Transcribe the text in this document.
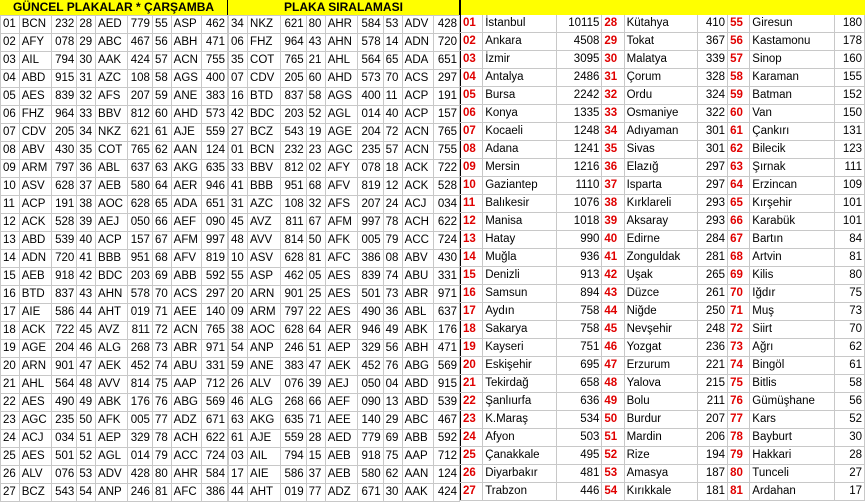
GÜNCEL PLAKALAR * ÇARŞAMBA	PLAKA SIRALAMASI
01	BCN	232	28	AED	779	55	ASP	462
02	AFY	078	29	ABC	467	56	ABH	471
03	AIL	794	30	AAK	424	57	ACN	755
04	ABD	915	31	AZC	108	58	AGS	400
05	AES	839	32	AFS	207	59	ANE	383
06	FHZ	964	33	BBV	812	60	AHD	573
07	CDV	205	34	NKZ	621	61	AJE	559
08	ABV	430	35	COT	765	62	AAN	124
09	ARM	797	36	ABL	637	63	AKG	635
10	ASV	628	37	AEB	580	64	AER	946
11	ACP	191	38	AOC	628	65	ADA	651
12	ACK	528	39	AEJ	050	66	AEF	090
13	ABD	539	40	ACP	157	67	AFM	997
14	ADN	720	41	BBB	951	68	AFV	819
15	AEB	918	42	BDC	203	69	ABB	592
16	BTD	837	43	AHN	578	70	ACS	297
17	AIE	586	44	AHT	019	71	AEE	140
18	ACK	722	45	AVZ	811	72	ACN	765
19	AGE	204	46	ALG	268	73	ABR	971
20	ARN	901	47	AEK	452	74	ABU	331
21	AHL	564	48	AVV	814	75	AAP	712
22	AES	490	49	ABK	176	76	ABG	569
23	AGC	235	50	AFK	005	77	ADZ	671
24	ACJ	034	51	AEP	329	78	ACH	622
25	AES	501	52	AGL	014	79	ACC	724
26	ALV	076	53	ADV	428	80	AHR	584
27	BCZ	543	54	ANP	246	81	AFC	386
34	NKZ	621	80	AHR	584	53	ADV	428
06	FHZ	964	43	AHN	578	14	ADN	720
35	COT	765	21	AHL	564	65	ADA	651
07	CDV	205	60	AHD	573	70	ACS	297
16	BTD	837	58	AGS	400	11	ACP	191
42	BDC	203	52	AGL	014	40	ACP	157
27	BCZ	543	19	AGE	204	72	ACN	765
01	BCN	232	23	AGC	235	57	ACN	755
33	BBV	812	02	AFY	078	18	ACK	722
41	BBB	951	68	AFV	819	12	ACK	528
31	AZC	108	32	AFS	207	24	ACJ	034
45	AVZ	811	67	AFM	997	78	ACH	622
48	AVV	814	50	AFK	005	79	ACC	724
10	ASV	628	81	AFC	386	08	ABV	430
55	ASP	462	05	AES	839	74	ABU	331
20	ARN	901	25	AES	501	73	ABR	971
09	ARM	797	22	AES	490	36	ABL	637
38	AOC	628	64	AER	946	49	ABK	176
54	ANP	246	51	AEP	329	56	ABH	471
59	ANE	383	47	AEK	452	76	ABG	569
26	ALV	076	39	AEJ	050	04	ABD	915
46	ALG	268	66	AEF	090	13	ABD	539
63	AKG	635	71	AEE	140	29	ABC	467
61	AJE	559	28	AED	779	69	ABB	592
03	AIL	794	15	AEB	918	75	AAP	712
17	AIE	586	37	AEB	580	62	AAN	124
44	AHT	019	77	ADZ	671	30	AAK	424
01	İstanbul	10115	28	Kütahya	410	55	Giresun	180
02	Ankara	4508	29	Tokat	367	56	Kastamonu	178
03	İzmir	3095	30	Malatya	339	57	Sinop	160
04	Antalya	2486	31	Çorum	328	58	Karaman	155
05	Bursa	2242	32	Ordu	324	59	Batman	152
06	Konya	1335	33	Osmaniye	322	60	Van	150
07	Kocaeli	1248	34	Adıyaman	301	61	Çankırı	131
08	Adana	1241	35	Sivas	301	62	Bilecik	123
09	Mersin	1216	36	Elazığ	297	63	Şırnak	111
10	Gaziantep	1110	37	Isparta	297	64	Erzincan	109
11	Balıkesir	1076	38	Kırklareli	293	65	Kırşehir	101
12	Manisa	1018	39	Aksaray	293	66	Karabük	101
13	Hatay	990	40	Edirne	284	67	Bartın	84
14	Muğla	936	41	Zonguldak	281	68	Artvin	81
15	Denizli	913	42	Uşak	265	69	Kilis	80
16	Samsun	894	43	Düzce	261	70	Iğdır	75
17	Aydın	758	44	Niğde	250	71	Muş	73
18	Sakarya	758	45	Nevşehir	248	72	Siirt	70
19	Kayseri	751	46	Yozgat	236	73	Ağrı	62
20	Eskişehir	695	47	Erzurum	221	74	Bingöl	61
21	Tekirdağ	658	48	Yalova	215	75	Bitlis	58
22	Şanlıurfa	636	49	Bolu	211	76	Gümüşhane	56
23	K.Maraş	534	50	Burdur	207	77	Kars	52
24	Afyon	503	51	Mardin	206	78	Bayburt	30
25	Çanakkale	495	52	Rize	194	79	Hakkari	28
26	Diyarbakır	481	53	Amasya	187	80	Tunceli	27
27	Trabzon	446	54	Kırıkkale	181	81	Ardahan	17
